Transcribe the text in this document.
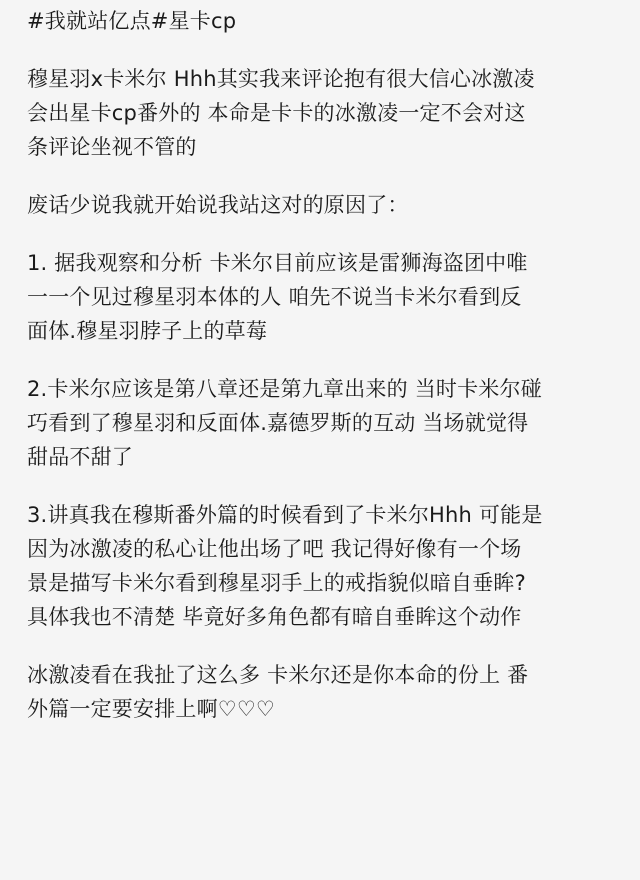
#我就站亿点#星卡cp
穆星羽x卡米尔 Hhh其实我来评论抱有很大信心冰激凌
会出星卡cp番外的 本命是卡卡的冰激凌一定不会对这
条评论坐视不管的
废话少说我就开始说我站这对的原因了：
1. 据我观察和分析 卡米尔目前应该是雷狮海盗团中唯
一一个见过穆星羽本体的人 咱先不说当卡米尔看到反
面体.穆星羽脖子上的草莓
2.卡米尔应该是第八章还是第九章出来的 当时卡米尔碰
巧看到了穆星羽和反面体.嘉德罗斯的互动 当场就觉得
甜品不甜了
3.讲真我在穆斯番外篇的时候看到了卡米尔Hhh 可能是
因为冰激凌的私心让他出场了吧 我记得好像有一个场
景是描写卡米尔看到穆星羽手上的戒指貌似暗自垂眸?
具体我也不清楚 毕竟好多角色都有暗自垂眸这个动作
冰激凌看在我扯了这么多 卡米尔还是你本命的份上 番
外篇一定要安排上啊♡♡♡
